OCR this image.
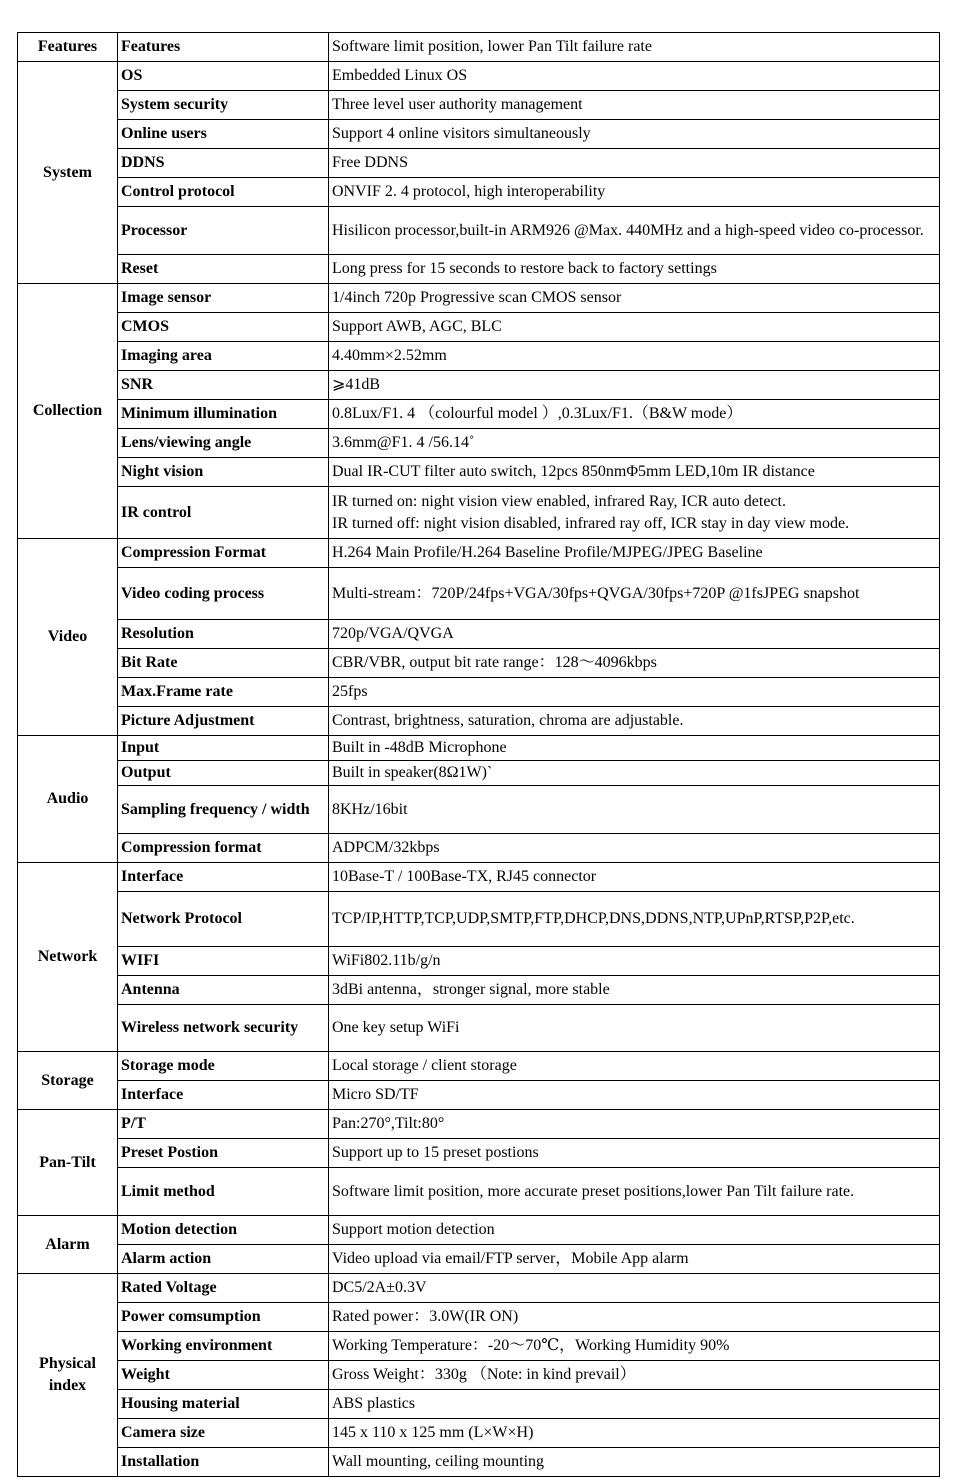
Features	Features	Software limit position, lower Pan Tilt failure rate
System	OS	Embedded Linux OS
	System security	Three level user authority management
	Online users	Support 4 online visitors simultaneously
	DDNS	Free DDNS
	Control protocol	ONVIF 2. 4 protocol, high interoperability
	Processor	Hisilicon processor,built-in ARM926 @Max. 440MHz and a high-speed video co-processor.
	Reset	Long press for 15 seconds to restore back to factory settings
Collection	Image sensor	1/4inch 720p Progressive scan CMOS sensor
	CMOS	Support AWB, AGC, BLC
	Imaging area	4.40mm×2.52mm
	SNR	⩾41dB
	Minimum illumination	0.8Lux/F1. 4 （colourful model ）,0.3Lux/F1.（B&W mode）
	Lens/viewing angle	3.6mm@F1. 4 /56.14˚
	Night vision	Dual IR-CUT filter auto switch, 12pcs 850nmΦ5mm LED,10m IR distance
	IR control	IR turned on: night vision view enabled, infrared Ray, ICR auto detect.
IR turned off: night vision disabled, infrared ray off, ICR stay in day view mode.
Video	Compression Format	H.264 Main Profile/H.264 Baseline Profile/MJPEG/JPEG Baseline
	Video coding process	Multi-stream：720P/24fps+VGA/30fps+QVGA/30fps+720P @1fsJPEG snapshot
	Resolution	720p/VGA/QVGA
	Bit Rate	CBR/VBR, output bit rate range：128～4096kbps
	Max.Frame rate	25fps
	Picture Adjustment	Contrast, brightness, saturation, chroma are adjustable.
Audio	Input	Built in -48dB Microphone
	Output	Built in speaker(8Ω1W)`
	Sampling frequency / width	8KHz/16bit
	Compression format	ADPCM/32kbps
Network	Interface	10Base-T / 100Base-TX, RJ45 connector
	Network Protocol	TCP/IP,HTTP,TCP,UDP,SMTP,FTP,DHCP,DNS,DDNS,NTP,UPnP,RTSP,P2P,etc.
	WIFI	WiFi802.11b/g/n
	Antenna	3dBi antenna，stronger signal, more stable
	Wireless network security	One key setup WiFi
Storage	Storage mode	Local storage / client storage
	Interface	Micro SD/TF
Pan-Tilt	P/T	Pan:270°,Tilt:80°
	Preset Postion	Support up to 15 preset postions
	Limit method	Software limit position, more accurate preset positions,lower Pan Tilt failure rate.
Alarm	Motion detection	Support motion detection
	Alarm action	Video upload via email/FTP server，Mobile App alarm
Physical index	Rated Voltage	DC5/2A±0.3V
	Power comsumption	Rated power：3.0W(IR ON)
	Working environment	Working Temperature：-20～70℃，Working Humidity 90%
	Weight	Gross Weight：330g （Note: in kind prevail）
	Housing material	ABS plastics
	Camera size	145 x 110 x 125 mm (L×W×H)
	Installation	Wall mounting, ceiling mounting
